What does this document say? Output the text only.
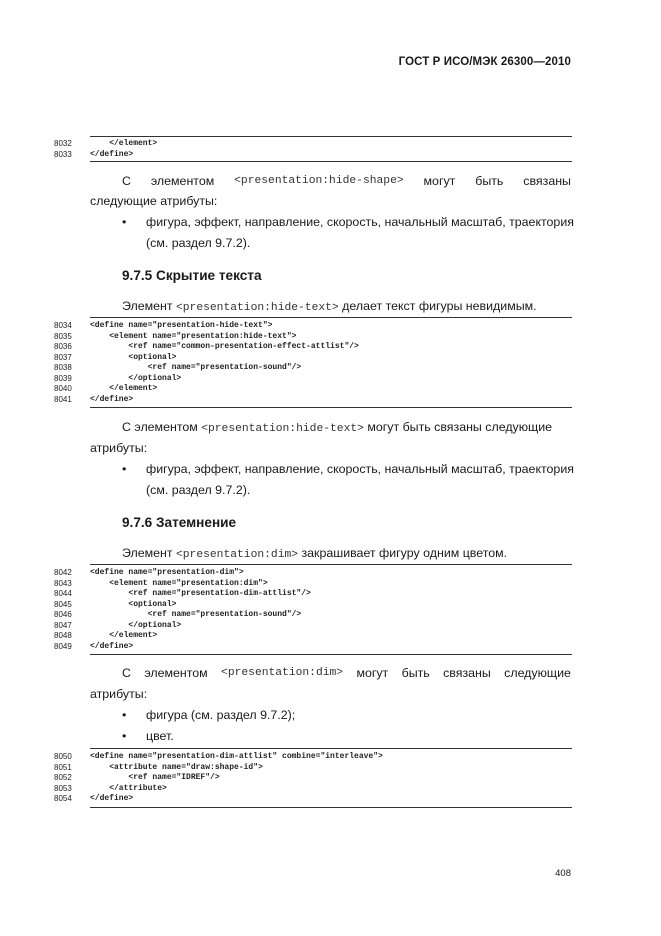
ГОСТ Р ИСО/МЭК 26300—2010
8032	</element>
8033	</define>
С элементом <presentation:hide-shape> могут быть связаны
следующие атрибуты:
• фигура, эффект, направление, скорость, начальный масштаб, траектория
(см. раздел 9.7.2).
9.7.5 Скрытие текста
Элемент <presentation:hide-text> делает текст фигуры невидимым.
8034	<define name="presentation-hide-text">
8035	<element name="presentation:hide-text">
8036	<ref name="common-presentation-effect-attlist"/>
8037	<optional>
8038	<ref name="presentation-sound"/>
8039	</optional>
8040	</element>
8041	</define>
С элементом <presentation:hide-text> могут быть связаны следующие
атрибуты:
• фигура, эффект, направление, скорость, начальный масштаб, траектория
(см. раздел 9.7.2).
9.7.6 Затемнение
Элемент <presentation:dim> закрашивает фигуру одним цветом.
8042	<define name="presentation-dim">
8043	<element name="presentation:dim">
8044	<ref name="presentation-dim-attlist"/>
8045	<optional>
8046	<ref name="presentation-sound"/>
8047	</optional>
8048	</element>
8049	</define>
С элементом <presentation:dim> могут быть связаны следующие
атрибуты:
• фигура (см. раздел 9.7.2);
• цвет.
8050	<define name="presentation-dim-attlist" combine="interleave">
8051	<attribute name="draw:shape-id">
8052	<ref name="IDREF"/>
8053	</attribute>
8054	</define>
408
